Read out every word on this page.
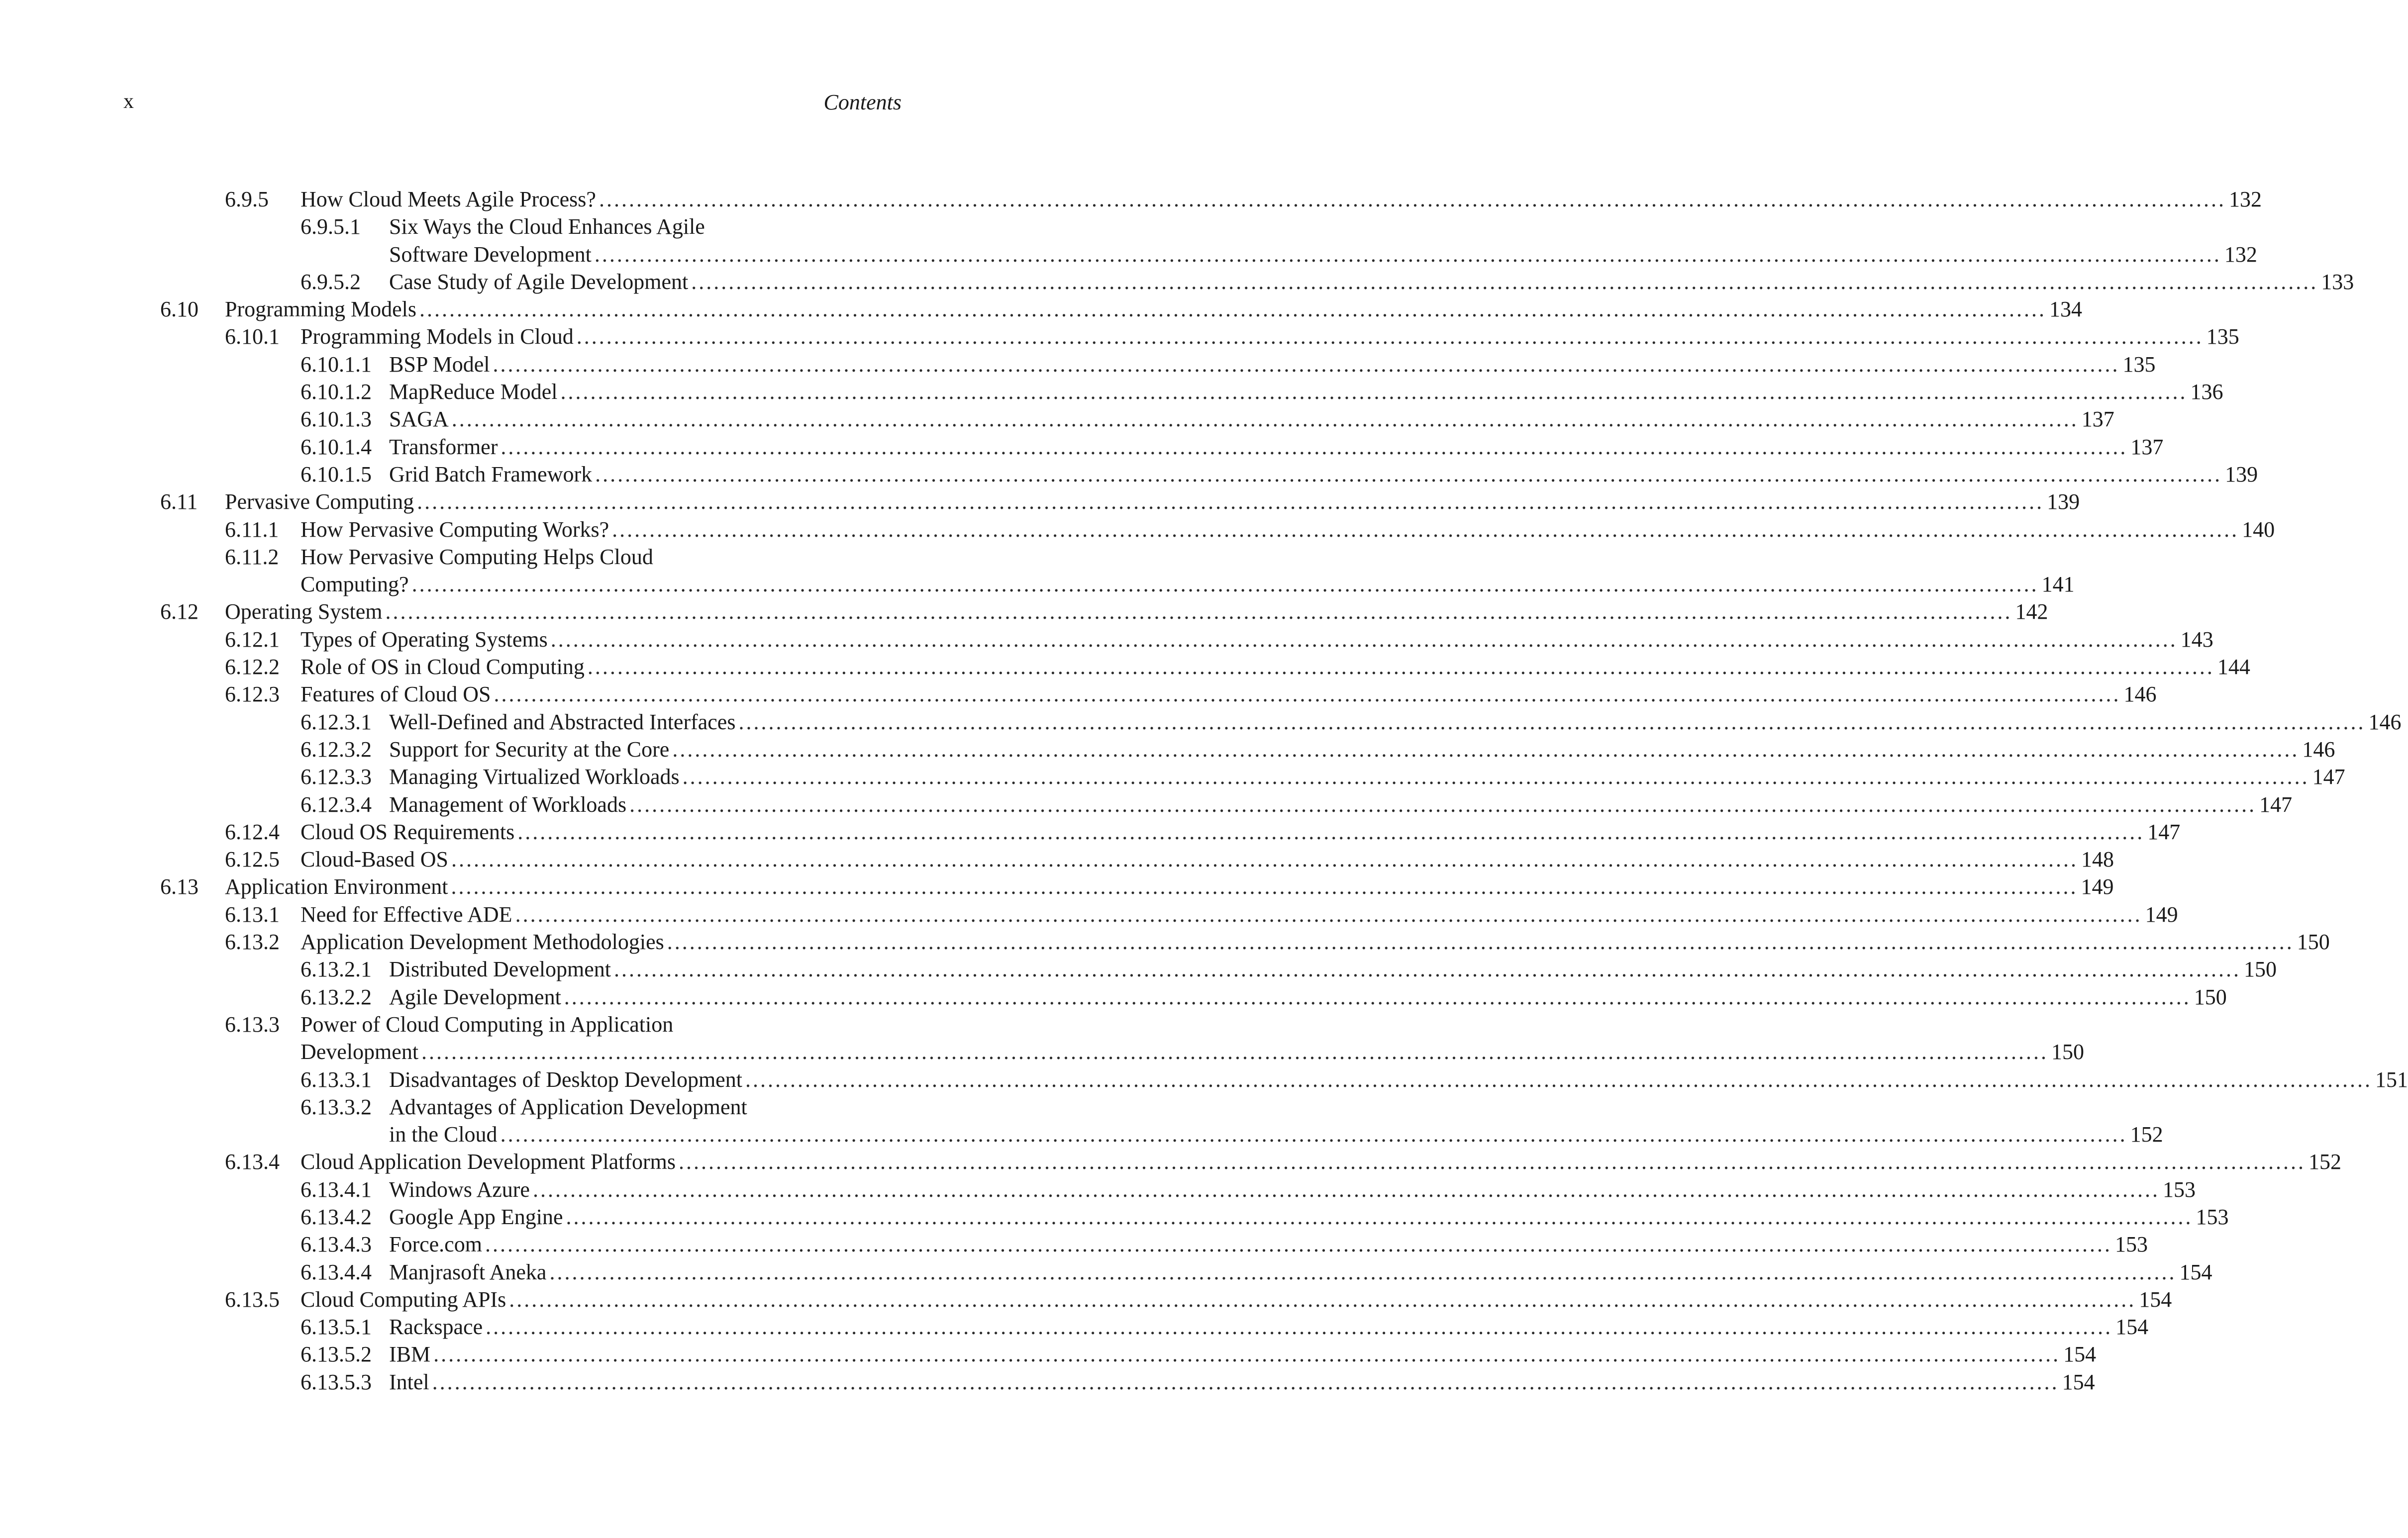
x	Contents
6.9.5 How Cloud Meets Agile Process? .......................................................................................................................................................................................................................... 132
6.9.5.1 Six Ways the Cloud Enhances Agile
Software Development .......................................................................................................................................................................................................................... 132
6.9.5.2 Case Study of Agile Development .......................................................................................................................................................................................................................... 133
6.10 Programming Models .......................................................................................................................................................................................................................... 134
6.10.1 Programming Models in Cloud .......................................................................................................................................................................................................................... 135
6.10.1.1 BSP Model .......................................................................................................................................................................................................................... 135
6.10.1.2 MapReduce Model .......................................................................................................................................................................................................................... 136
6.10.1.3 SAGA .......................................................................................................................................................................................................................... 137
6.10.1.4 Transformer .......................................................................................................................................................................................................................... 137
6.10.1.5 Grid Batch Framework .......................................................................................................................................................................................................................... 139
6.11 Pervasive Computing .......................................................................................................................................................................................................................... 139
6.11.1 How Pervasive Computing Works? .......................................................................................................................................................................................................................... 140
6.11.2 How Pervasive Computing Helps Cloud
Computing? .......................................................................................................................................................................................................................... 141
6.12 Operating System .......................................................................................................................................................................................................................... 142
6.12.1 Types of Operating Systems .......................................................................................................................................................................................................................... 143
6.12.2 Role of OS in Cloud Computing .......................................................................................................................................................................................................................... 144
6.12.3 Features of Cloud OS .......................................................................................................................................................................................................................... 146
6.12.3.1 Well-Defined and Abstracted Interfaces .......................................................................................................................................................................................................................... 146
6.12.3.2 Support for Security at the Core .......................................................................................................................................................................................................................... 146
6.12.3.3 Managing Virtualized Workloads .......................................................................................................................................................................................................................... 147
6.12.3.4 Management of Workloads .......................................................................................................................................................................................................................... 147
6.12.4 Cloud OS Requirements .......................................................................................................................................................................................................................... 147
6.12.5 Cloud-Based OS .......................................................................................................................................................................................................................... 148
6.13 Application Environment .......................................................................................................................................................................................................................... 149
6.13.1 Need for Effective ADE .......................................................................................................................................................................................................................... 149
6.13.2 Application Development Methodologies .......................................................................................................................................................................................................................... 150
6.13.2.1 Distributed Development .......................................................................................................................................................................................................................... 150
6.13.2.2 Agile Development .......................................................................................................................................................................................................................... 150
6.13.3 Power of Cloud Computing in Application
Development .......................................................................................................................................................................................................................... 150
6.13.3.1 Disadvantages of Desktop Development .......................................................................................................................................................................................................................... 151
6.13.3.2 Advantages of Application Development
in the Cloud .......................................................................................................................................................................................................................... 152
6.13.4 Cloud Application Development Platforms .......................................................................................................................................................................................................................... 152
6.13.4.1 Windows Azure .......................................................................................................................................................................................................................... 153
6.13.4.2 Google App Engine .......................................................................................................................................................................................................................... 153
6.13.4.3 Force.com .......................................................................................................................................................................................................................... 153
6.13.4.4 Manjrasoft Aneka .......................................................................................................................................................................................................................... 154
6.13.5 Cloud Computing APIs .......................................................................................................................................................................................................................... 154
6.13.5.1 Rackspace .......................................................................................................................................................................................................................... 154
6.13.5.2 IBM .......................................................................................................................................................................................................................... 154
6.13.5.3 Intel .......................................................................................................................................................................................................................... 154
